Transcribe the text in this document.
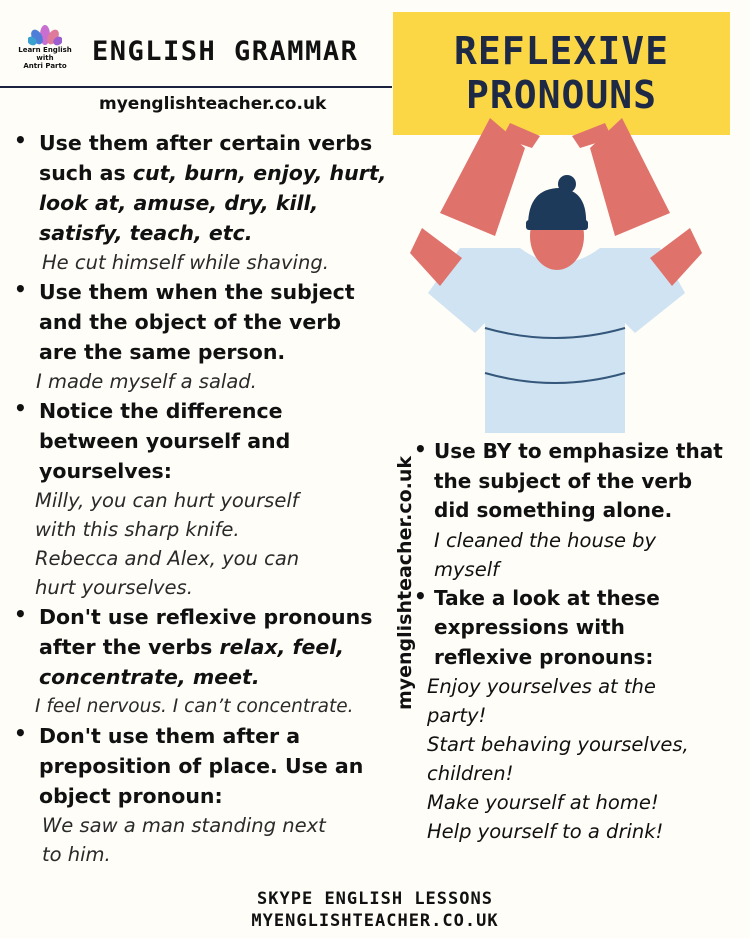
Learn English
with
Antri Parto ENGLISH GRAMMAR
myenglishteacher.co.uk
REFLEXIVE
PRONOUNS
• Use them after certain verbs
such as cut, burn, enjoy, hurt,
look at, amuse, dry, kill,
satisfy, teach, etc.
He cut himself while shaving.
• Use them when the subject
and the object of the verb
are the same person.
I made myself a salad.
• Notice the difference
between yourself and
yourselves:
Milly, you can hurt yourself
with this sharp knife.
Rebecca and Alex, you can
hurt yourselves.
• Don't use reflexive pronouns
after the verbs relax, feel,
concentrate, meet.
I feel nervous. I can’t concentrate.
• Don't use them after a
preposition of place. Use an
object pronoun:
We saw a man standing next
to him.
myenglishteacher.co.uk
• Use BY to emphasize that
the subject of the verb
did something alone.
I cleaned the house by
myself
• Take a look at these
expressions with
reflexive pronouns:
Enjoy yourselves at the
party!
Start behaving yourselves,
children!
Make yourself at home!
Help yourself to a drink!
SKYPE ENGLISH LESSONS
MYENGLISHTEACHER.CO.UK
